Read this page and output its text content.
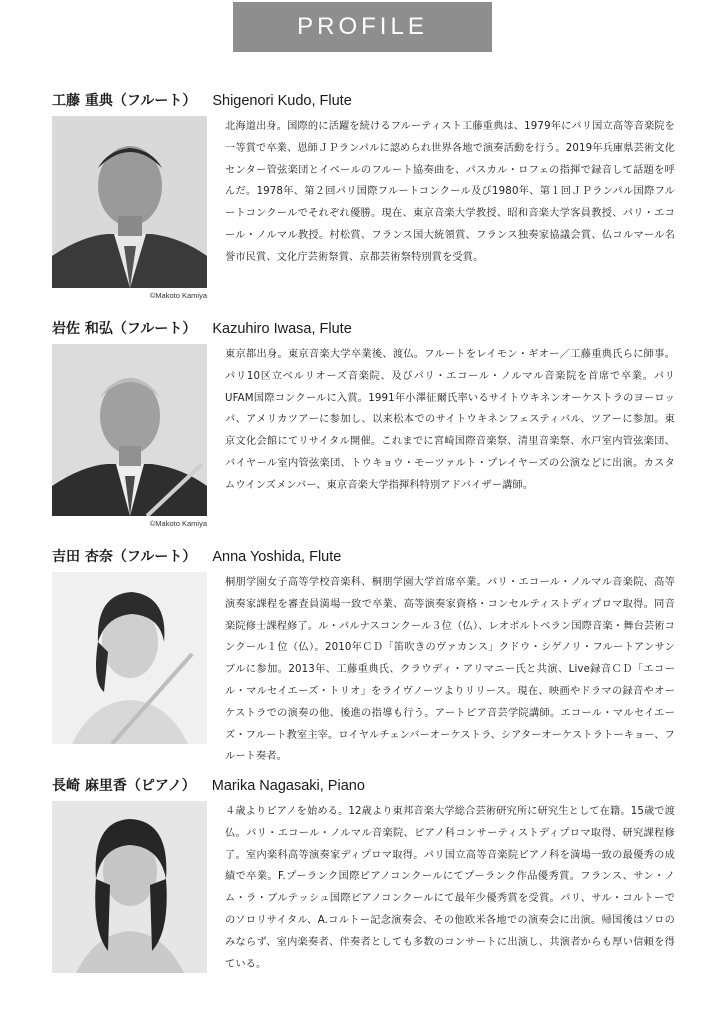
PROFILE
工藤 重典（フルート） Shigenori Kudo, Flute
©Makoto Kamiya

北海道出身。国際的に活躍を続けるフルーティスト工藤重典は、1979年にパリ国立高等音楽院を一等賞で卒業、恩師ＪＰランパルに認められ世界各地で演奏活動を行う。2019年兵庫県芸術文化センター管弦楽団とイベールのフルート協奏曲を、パスカル・ロフェの指揮で録音して話題を呼んだ。1978年、第２回パリ国際フルートコンクール及び1980年、第１回ＪＰランパル国際フルートコンクールでそれぞれ優勝。現在、東京音楽大学教授、昭和音楽大学客員教授、パリ・エコール・ノルマル教授。村松賞、フランス国大統領賞、フランス独奏家協議会賞、仏コルマール名誉市民賞、文化庁芸術祭賞、京都芸術祭特別賞を受賞。

岩佐 和弘（フルート） Kazuhiro Iwasa, Flute
©Makoto Kamiya

東京都出身。東京音楽大学卒業後、渡仏。フルートをレイモン・ギオー／工藤重典氏らに師事。パリ10区立ベルリオーズ音楽院、及びパリ・エコール・ノルマル音楽院を首席で卒業。パリUFAM国際コンクールに入賞。1991年小澤征爾氏率いるサイトウキネンオーケストラのヨーロッパ、アメリカツアーに参加し、以来松本でのサイトウキネンフェスティバル、ツアーに参加。東京文化会館にてリサイタル開催。これまでに宮崎国際音楽祭、清里音楽祭、水戸室内管弦楽団、バイヤール室内管弦楽団、トウキョウ・モーツァルト・プレイヤーズの公演などに出演。カスタムウインズメンバー、東京音楽大学指揮科特別アドバイザー講師。

吉田 杏奈（フルート） Anna Yoshida, Flute

桐朋学園女子高等学校音楽科、桐朋学園大学首席卒業。パリ・エコール・ノルマル音楽院、高等演奏家課程を審査員満場一致で卒業、高等演奏家資格・コンセルティストディプロマ取得。同音楽院修士課程修了。ル・パルナスコンクール３位（仏）、レオポルトベラン国際音楽・舞台芸術コンクール１位（仏）。2010年ＣＤ「笛吹きのヴァカンス」クドウ・シゲノリ・フルートアンサンブルに参加。2013年、工藤重典氏、クラウディ・アリマニー氏と共演、Live録音ＣＤ「エコール・マルセイエーズ・トリオ」をライヴノーツよりリリース。現在、映画やドラマの録音やオーケストラでの演奏の他、後進の指導も行う。アートピア音芸学院講師。エコール・マルセイエーズ・フルート教室主宰。ロイヤルチェンバーオーケストラ、シアターオーケストラトーキョー、フルート奏者。

長崎 麻里香（ピアノ） Marika Nagasaki, Piano

４歳よりピアノを始める。12歳より東邦音楽大学総合芸術研究所に研究生として在籍。15歳で渡仏。パリ・エコール・ノルマル音楽院、ピアノ科コンサーティストディプロマ取得、研究課程修了。室内楽科高等演奏家ディプロマ取得。パリ国立高等音楽院ピアノ科を満場一致の最優秀の成績で卒業。F.プーランク国際ピアノコンクールにてプーランク作品優秀賞。フランス、サン・ノム・ラ・ブルテッシュ国際ピアノコンクールにて最年少優秀賞を受賞。パリ、サル・コルトーでのソロリサイタル、A.コルトー記念演奏会、その他欧米各地での演奏会に出演。帰国後はソロのみならず、室内楽奏者、伴奏者としても多数のコンサートに出演し、共演者からも厚い信頼を得ている。
